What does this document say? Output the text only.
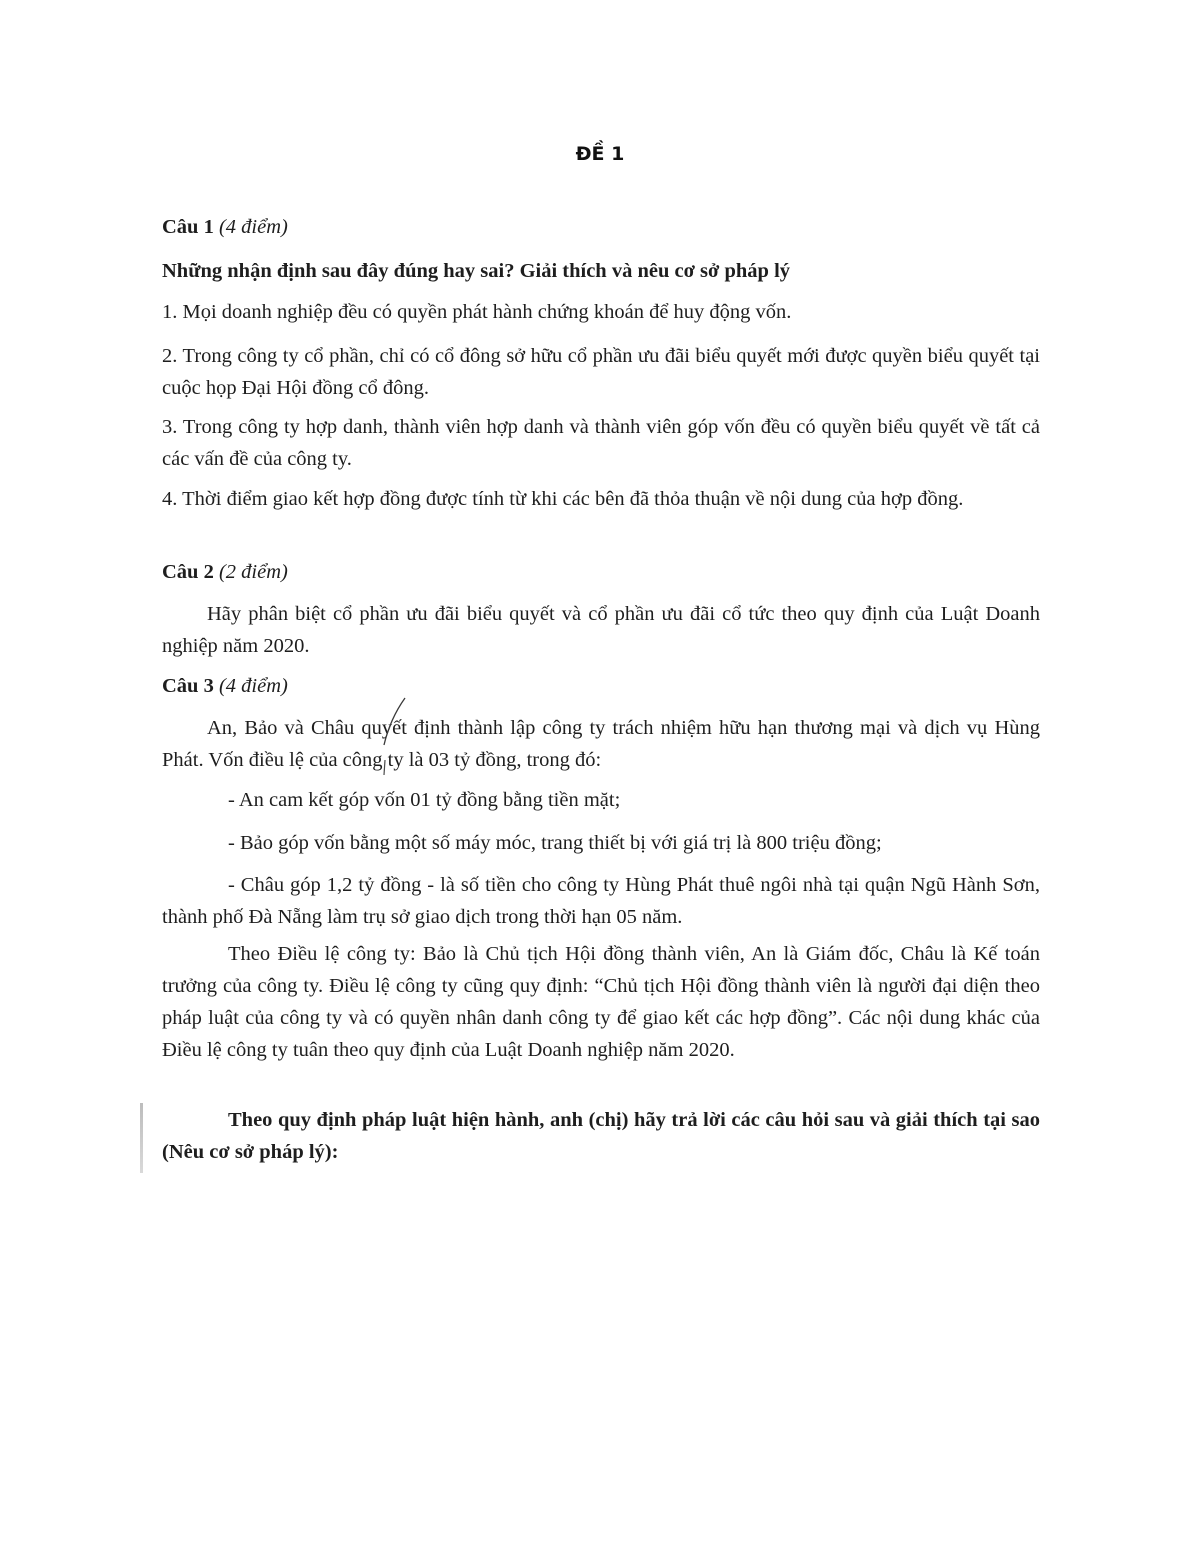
ĐỀ 1

Câu 1 (4 điểm)

Những nhận định sau đây đúng hay sai? Giải thích và nêu cơ sở pháp lý

1. Mọi doanh nghiệp đều có quyền phát hành chứng khoán để huy động vốn.

2. Trong công ty cổ phần, chỉ có cổ đông sở hữu cổ phần ưu đãi biểu quyết mới được quyền biểu quyết tại cuộc họp Đại Hội đồng cổ đông.

3. Trong công ty hợp danh, thành viên hợp danh và thành viên góp vốn đều có quyền biểu quyết về tất cả các vấn đề của công ty.

4. Thời điểm giao kết hợp đồng được tính từ khi các bên đã thỏa thuận về nội dung của hợp đồng.

Câu 2 (2 điểm)

Hãy phân biệt cổ phần ưu đãi biểu quyết và cổ phần ưu đãi cổ tức theo quy định của Luật Doanh nghiệp năm 2020.

Câu 3 (4 điểm)

An, Bảo và Châu quyết định thành lập công ty trách nhiệm hữu hạn thương mại và dịch vụ Hùng Phát. Vốn điều lệ của công ty là 03 tỷ đồng, trong đó:

- An cam kết góp vốn 01 tỷ đồng bằng tiền mặt;

- Bảo góp vốn bằng một số máy móc, trang thiết bị với giá trị là 800 triệu đồng;

- Châu góp 1,2 tỷ đồng - là số tiền cho công ty Hùng Phát thuê ngôi nhà tại quận Ngũ Hành Sơn, thành phố Đà Nẵng làm trụ sở giao dịch trong thời hạn 05 năm.

Theo Điều lệ công ty: Bảo là Chủ tịch Hội đồng thành viên, An là Giám đốc, Châu là Kế toán trưởng của công ty. Điều lệ công ty cũng quy định: “Chủ tịch Hội đồng thành viên là người đại diện theo pháp luật của công ty và có quyền nhân danh công ty để giao kết các hợp đồng”. Các nội dung khác của Điều lệ công ty tuân theo quy định của Luật Doanh nghiệp năm 2020.

Theo quy định pháp luật hiện hành, anh (chị) hãy trả lời các câu hỏi sau và giải thích tại sao (Nêu cơ sở pháp lý):
